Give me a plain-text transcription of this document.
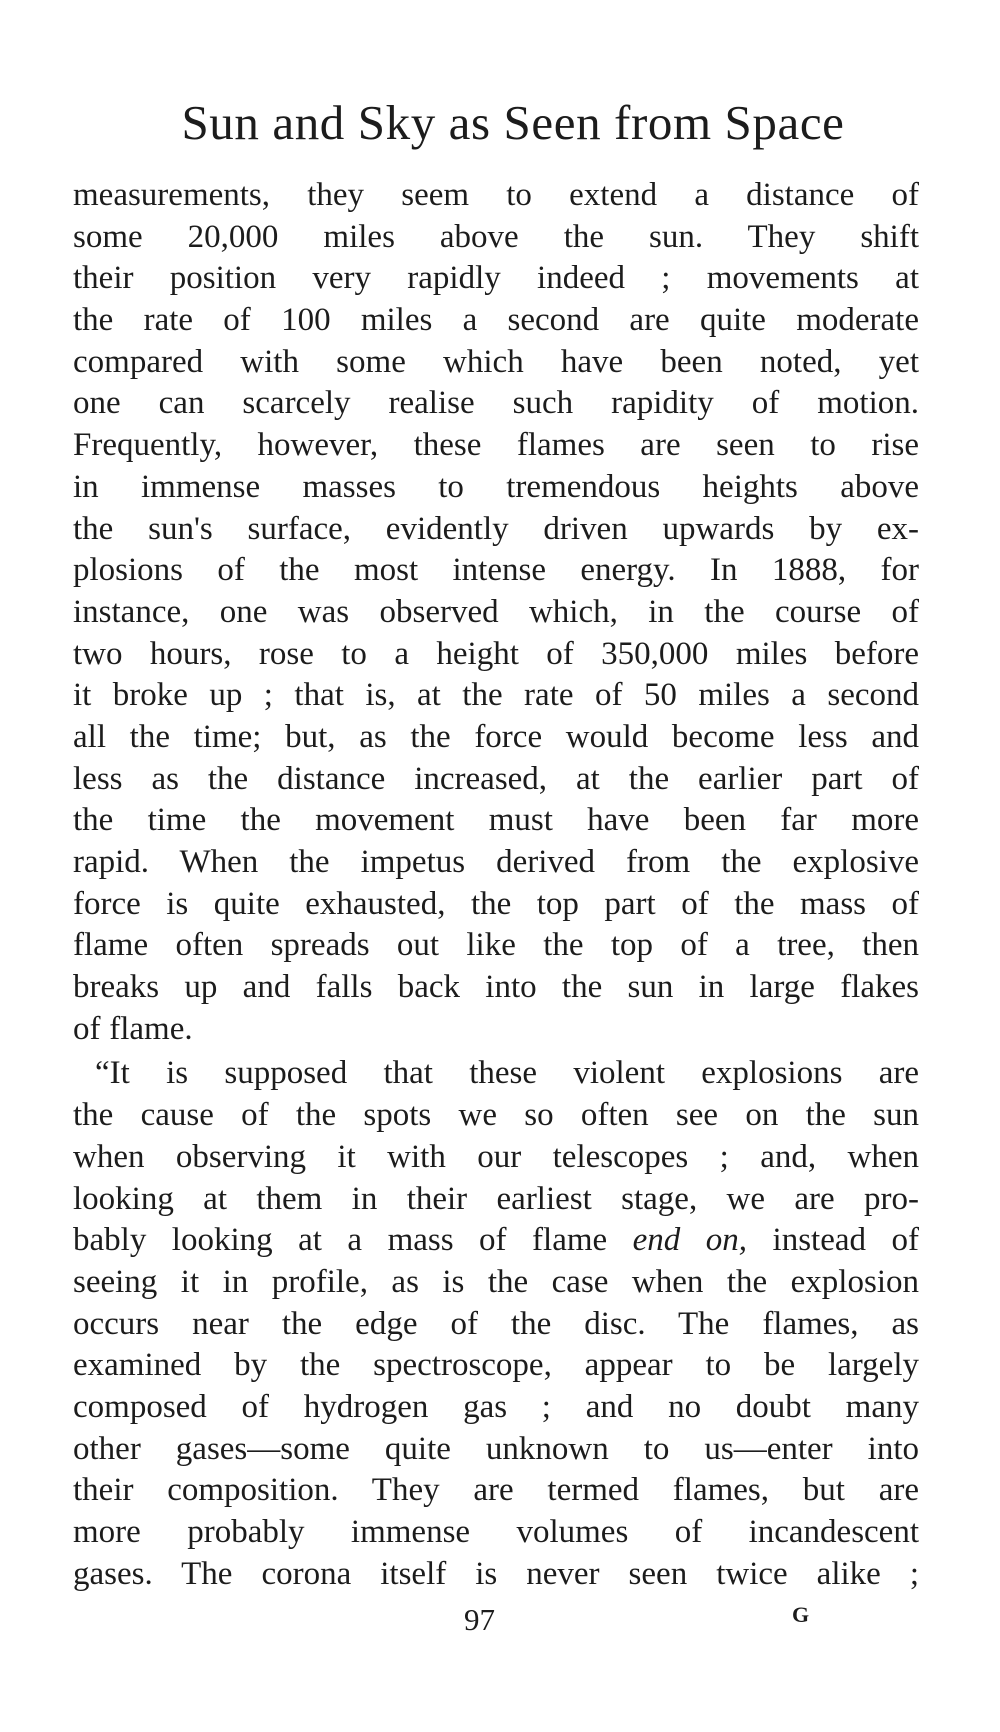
Sun and Sky as Seen from Space
measurements, they seem to extend a distance of
some 20,000 miles above the sun. They shift
their position very rapidly indeed ; movements at
the rate of 100 miles a second are quite moderate
compared with some which have been noted, yet
one can scarcely realise such rapidity of motion.
Frequently, however, these flames are seen to rise
in immense masses to tremendous heights above
the sun's surface, evidently driven upwards by ex-
plosions of the most intense energy. In 1888, for
instance, one was observed which, in the course of
two hours, rose to a height of 350,000 miles before
it broke up ; that is, at the rate of 50 miles a second
all the time; but, as the force would become less and
less as the distance increased, at the earlier part of
the time the movement must have been far more
rapid. When the impetus derived from the explosive
force is quite exhausted, the top part of the mass of
flame often spreads out like the top of a tree, then
breaks up and falls back into the sun in large flakes
of flame.
“It is supposed that these violent explosions are
the cause of the spots we so often see on the sun
when observing it with our telescopes ; and, when
looking at them in their earliest stage, we are pro-
bably looking at a mass of flame end on, instead of
seeing it in profile, as is the case when the explosion
occurs near the edge of the disc. The flames, as
examined by the spectroscope, appear to be largely
composed of hydrogen gas ; and no doubt many
other gases—some quite unknown to us—enter into
their composition. They are termed flames, but are
more probably immense volumes of incandescent
gases. The corona itself is never seen twice alike ;
97	G
